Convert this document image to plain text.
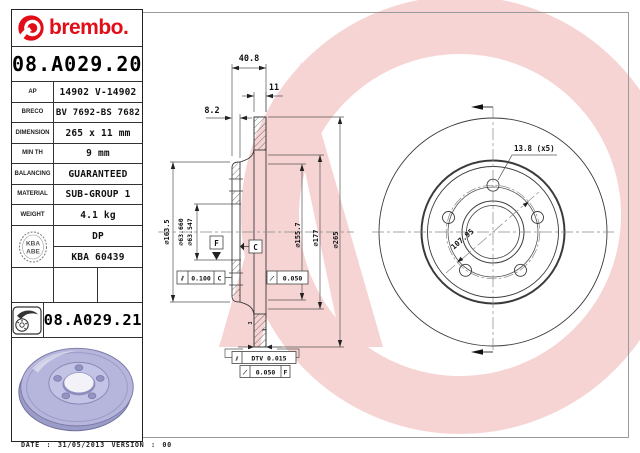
40.8
11
8.2
⌀163.5 ⌀63.660 ⌀63.547	⌀155.7 ⌀177 ⌀265
F	C
⫽ 0.100 C	⟋ 0.050
⫽ DTV 0.015
⟋ 0.050 F
3
3
13.8 (x5)
107.95
brembo.
08.A029.20
AP	14902 V-14902
BRECO	BV 7692-BS 7682
DIMENSION	265 x 11 mm
MIN TH	9 mm
BALANCING	GUARANTEED
MATERIAL	SUB-GROUP 1
WEIGHT	4.1 kg
KBA
ABE
DP
KBA 60439
08.A029.21
DATE : 31/05/2013 VERSION : 00
